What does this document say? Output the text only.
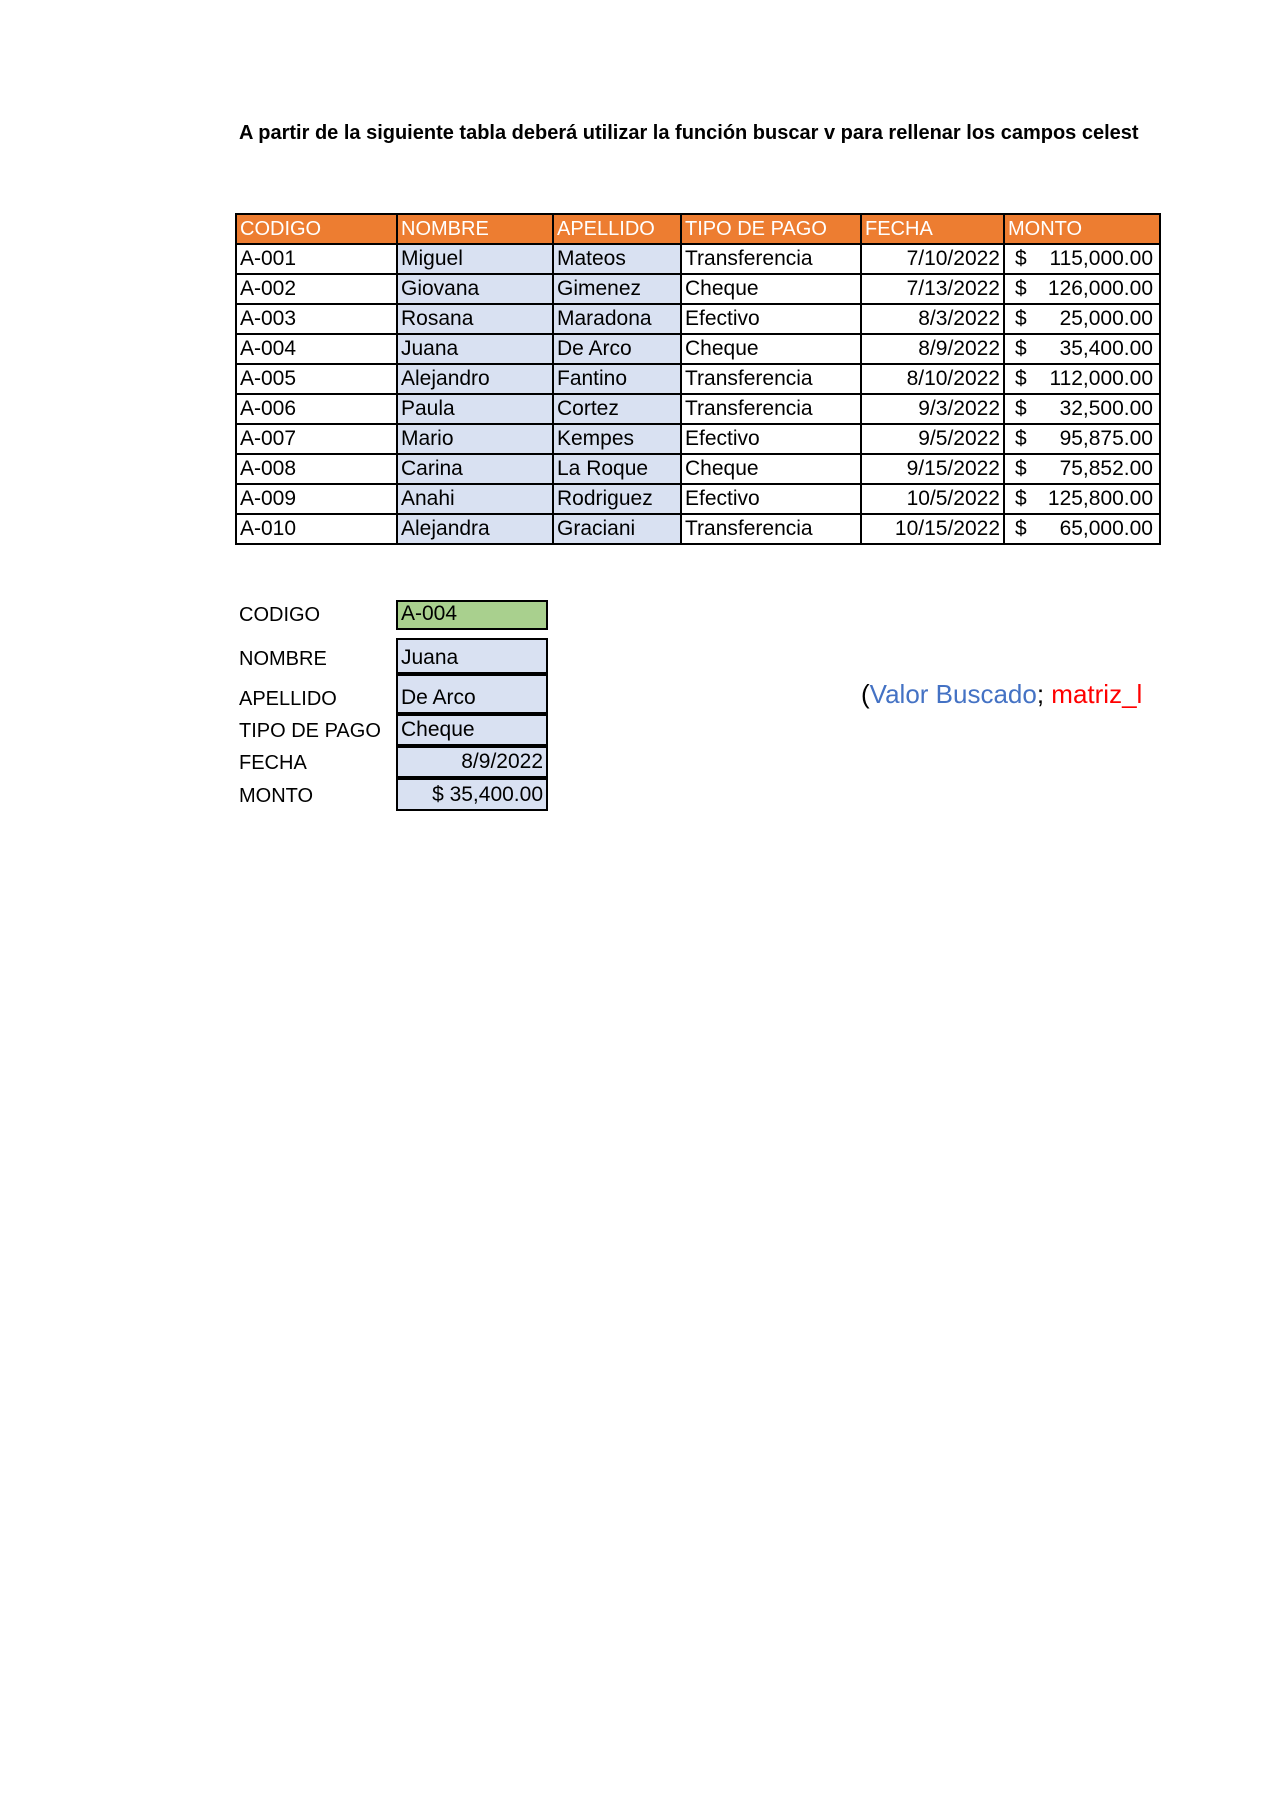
A partir de la siguiente tabla deberá utilizar la función buscar v para rellenar los campos celest
CODIGO	NOMBRE	APELLIDO	TIPO DE PAGO	FECHA	MONTO
A-001	Miguel	Mateos	Transferencia	7/10/2022	$ 115,000.00

A-002	Giovana	Gimenez	Cheque	7/13/2022	$ 126,000.00

A-003	Rosana	Maradona	Efectivo	8/3/2022	$ 25,000.00

A-004	Juana	De Arco	Cheque	8/9/2022	$ 35,400.00

A-005	Alejandro	Fantino	Transferencia	8/10/2022	$ 112,000.00

A-006	Paula	Cortez	Transferencia	9/3/2022	$ 32,500.00

A-007	Mario	Kempes	Efectivo	9/5/2022	$ 95,875.00

A-008	Carina	La Roque	Cheque	9/15/2022	$ 75,852.00

A-009	Anahi	Rodriguez	Efectivo	10/5/2022	$ 125,800.00

A-010	Alejandra	Graciani	Transferencia	10/15/2022	$ 65,000.00
CODIGO	A-004
NOMBRE	Juana
APELLIDO	De Arco
TIPO DE PAGO Cheque
FECHA	8/9/2022
MONTO	$ 35,400.00
(Valor Buscado; matriz_l
